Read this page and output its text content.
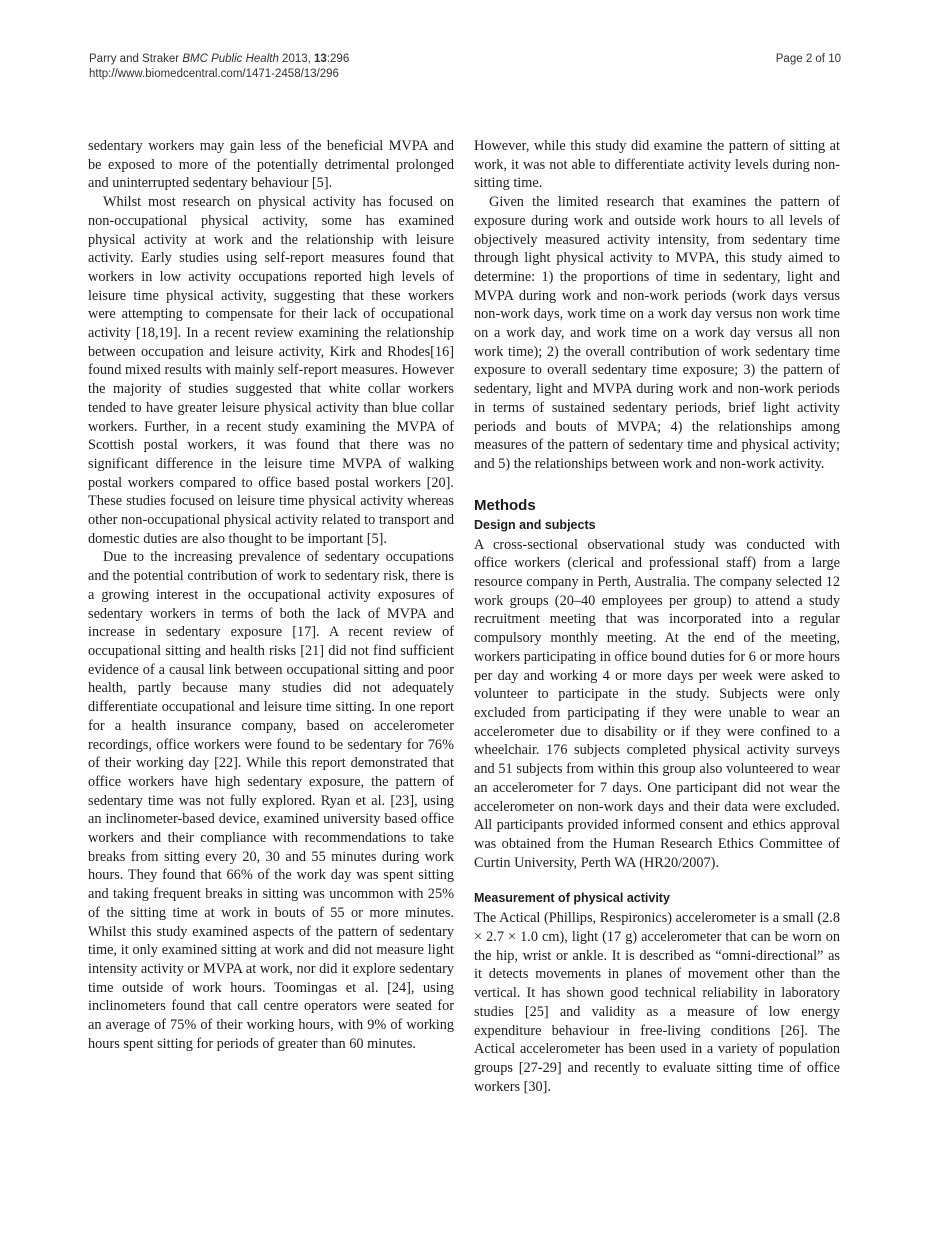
Parry and Straker BMC Public Health 2013, 13:296
http://www.biomedcentral.com/1471-2458/13/296
Page 2 of 10

sedentary workers may gain less of the beneficial MVPA and be exposed to more of the potentially detrimental prolonged and uninterrupted sedentary behaviour [5].

Whilst most research on physical activity has focused on non-occupational physical activity, some has examined physical activity at work and the relationship with leisure activity. Early studies using self-report measures found that workers in low activity occupations reported high levels of leisure time physical activity, suggesting that these workers were attempting to compensate for their lack of occupational activity [18,19]. In a recent review examining the relationship between occupation and leisure activity, Kirk and Rhodes[16] found mixed results with mainly self-report measures. However the majority of studies suggested that white collar workers tended to have greater leisure physical activity than blue collar workers. Further, in a recent study examining the MVPA of Scottish postal workers, it was found that there was no significant difference in the leisure time MVPA of walking postal workers compared to office based postal workers [20]. These studies focused on leisure time physical activity whereas other non-occupational physical activity related to transport and domestic duties are also thought to be important [5].

Due to the increasing prevalence of sedentary occupations and the potential contribution of work to sedentary risk, there is a growing interest in the occupational activity exposures of sedentary workers in terms of both the lack of MVPA and increase in sedentary exposure [17]. A recent review of occupational sitting and health risks [21] did not find sufficient evidence of a causal link between occupational sitting and poor health, partly because many studies did not adequately differentiate occupational and leisure time sitting. In one report for a health insurance company, based on accelerometer recordings, office workers were found to be sedentary for 76% of their working day [22]. While this report demonstrated that office workers have high sedentary exposure, the pattern of sedentary time was not fully explored. Ryan et al. [23], using an inclinometer-based device, examined university based office workers and their compliance with recommendations to take breaks from sitting every 20, 30 and 55 minutes during work hours. They found that 66% of the work day was spent sitting and taking frequent breaks in sitting was uncommon with 25% of the sitting time at work in bouts of 55 or more minutes. Whilst this study examined aspects of the pattern of sedentary time, it only examined sitting at work and did not measure light intensity activity or MVPA at work, nor did it explore sedentary time outside of work hours. Toomingas et al. [24], using inclinometers found that call centre operators were seated for an average of 75% of their working hours, with 9% of working hours spent sitting for periods of greater than 60 minutes.

However, while this study did examine the pattern of sitting at work, it was not able to differentiate activity levels during non-sitting time.

Given the limited research that examines the pattern of exposure during work and outside work hours to all levels of objectively measured activity intensity, from sedentary time through light physical activity to MVPA, this study aimed to determine: 1) the proportions of time in sedentary, light and MVPA during work and non-work periods (work days versus non-work days, work time on a work day versus non work time on a work day, and work time on a work day versus all non work time); 2) the overall contribution of work sedentary time exposure to overall sedentary time exposure; 3) the pattern of sedentary, light and MVPA during work and non-work periods in terms of sustained sedentary periods, brief light activity periods and bouts of MVPA; 4) the relationships among measures of the pattern of sedentary time and physical activity; and 5) the relationships between work and non-work activity.

Methods
Design and subjects

A cross-sectional observational study was conducted with office workers (clerical and professional staff) from a large resource company in Perth, Australia. The company selected 12 work groups (20–40 employees per group) to attend a study recruitment meeting that was incorporated into a regular compulsory monthly meeting. At the end of the meeting, workers participating in office bound duties for 6 or more hours per day and working 4 or more days per week were asked to volunteer to participate in the study. Subjects were only excluded from participating if they were unable to wear an accelerometer due to disability or if they were confined to a wheelchair. 176 subjects completed physical activity surveys and 51 subjects from within this group also volunteered to wear an accelerometer for 7 days. One participant did not wear the accelerometer on non-work days and their data were excluded. All participants provided informed consent and ethics approval was obtained from the Human Research Ethics Committee of Curtin University, Perth WA (HR20/2007).

Measurement of physical activity

The Actical (Phillips, Respironics) accelerometer is a small (2.8 × 2.7 × 1.0 cm), light (17 g) accelerometer that can be worn on the hip, wrist or ankle. It is described as “omni-directional” as it detects movements in planes of movement other than the vertical. It has shown good technical reliability in laboratory studies [25] and validity as a measure of low energy expenditure behaviour in free-living conditions [26]. The Actical accelerometer has been used in a variety of population groups [27-29] and recently to evaluate sitting time of office workers [30].
